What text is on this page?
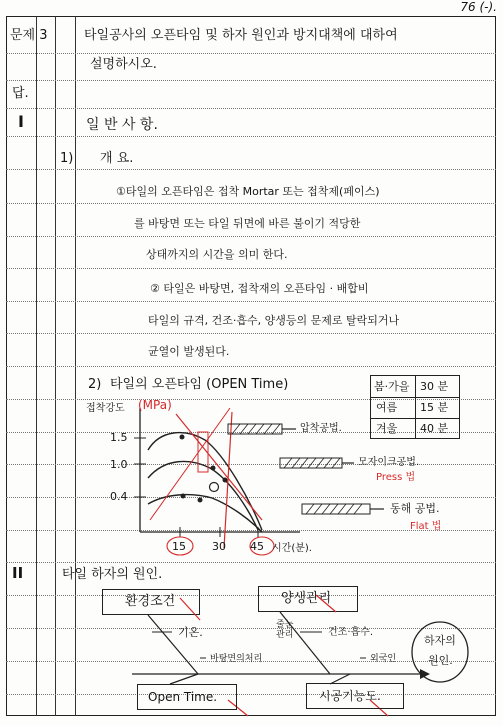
76 (-).
문제 3	타일공사의 오픈타임 및 하자 원인과 방지대책에 대하여
설명하시오.
답.
I	일 반 사 항.
1) 개 요.
①타일의 오픈타임은 접착 Mortar 또는 접착제(페이스)
를 바탕면 또는 타일 뒤면에 바른 불이기 적당한
상태까지의 시간을 의미 한다.
② 타일은 바탕면, 접착재의 오픈타임 · 배합비
타일의 규격, 건조·흡수, 양생등의 문제로 탈락되거나
균열이 발생된다.
2) 타일의 오픈타임 (OPEN Time)	봄·가을 30 분
여름 15 분
겨울 40 분
접착강도 (MPa)
1.5
1.0
0.4
15 30 45 시간(분).
압착공법.
모자이크공법.
Press 법
동해 공법.
Flat 법
II	타일 하자의 원인.
환경조건	양생관리
기온.
줄눈
관리	건조·흡수.
바탕면의처리	외국인
하자의
원인.
Open Time.	시공기능도.
